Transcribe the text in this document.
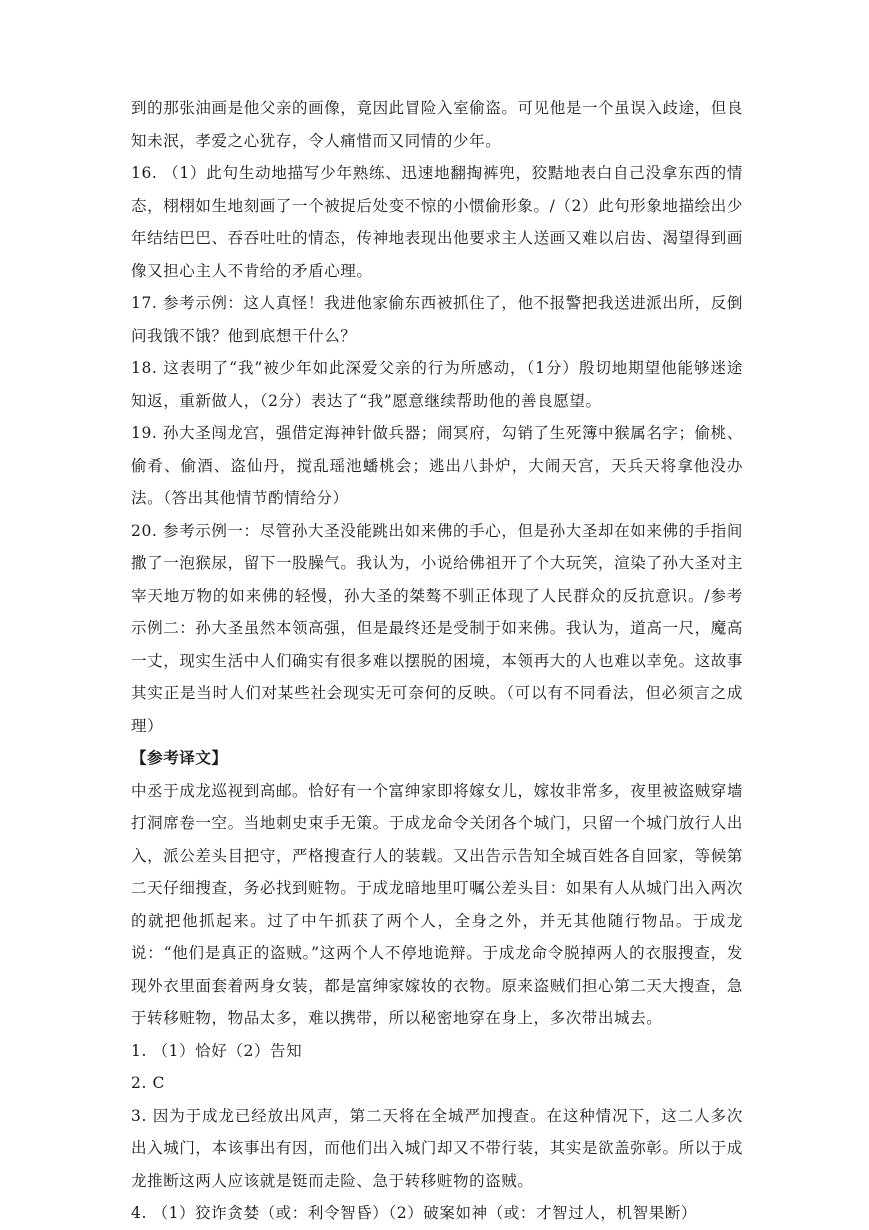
到的那张油画是他父亲的画像，竟因此冒险入室偷盗。可见他是一个虽误入歧途，但良知未泯，孝爱之心犹存，令人痛惜而又同情的少年。

16. （1）此句生动地描写少年熟练、迅速地翻掏裤兜，狡黠地表白自己没拿东西的情态，栩栩如生地刻画了一个被捉后处变不惊的小惯偷形象。/（2）此句形象地描绘出少年结结巴巴、吞吞吐吐的情态，传神地表现出他要求主人送画又难以启齿、渴望得到画像又担心主人不肯给的矛盾心理。

17. 参考示例：这人真怪！我进他家偷东西被抓住了，他不报警把我送进派出所，反倒问我饿不饿？他到底想干什么？

18. 这表明了“我”被少年如此深爱父亲的行为所感动，（1分）殷切地期望他能够迷途知返，重新做人，（2分）表达了“我”愿意继续帮助他的善良愿望。

19. 孙大圣闯龙宫，强借定海神针做兵器；闹冥府，勾销了生死簿中猴属名字；偷桃、偷肴、偷酒、盗仙丹，搅乱瑶池蟠桃会；逃出八卦炉，大闹天宫，天兵天将拿他没办法。（答出其他情节酌情给分）

20. 参考示例一：尽管孙大圣没能跳出如来佛的手心，但是孙大圣却在如来佛的手指间撒了一泡猴尿，留下一股臊气。我认为，小说给佛祖开了个大玩笑，渲染了孙大圣对主宰天地万物的如来佛的轻慢，孙大圣的桀骜不驯正体现了人民群众的反抗意识。/参考示例二：孙大圣虽然本领高强，但是最终还是受制于如来佛。我认为，道高一尺，魔高一丈，现实生活中人们确实有很多难以摆脱的困境，本领再大的人也难以幸免。这故事其实正是当时人们对某些社会现实无可奈何的反映。（可以有不同看法，但必须言之成理）

【参考译文】

中丞于成龙巡视到高邮。恰好有一个富绅家即将嫁女儿，嫁妆非常多，夜里被盗贼穿墙打洞席卷一空。当地刺史束手无策。于成龙命令关闭各个城门，只留一个城门放行人出入，派公差头目把守，严格搜查行人的装载。又出告示告知全城百姓各自回家，等候第二天仔细搜查，务必找到赃物。于成龙暗地里叮嘱公差头目：如果有人从城门出入两次的就把他抓起来。过了中午抓获了两个人，全身之外，并无其他随行物品。于成龙说：“他们是真正的盗贼。”这两个人不停地诡辩。于成龙命令脱掉两人的衣服搜查，发现外衣里面套着两身女装，都是富绅家嫁妆的衣物。原来盗贼们担心第二天大搜查，急于转移赃物，物品太多，难以携带，所以秘密地穿在身上，多次带出城去。

1. （1）恰好（2）告知

2. C

3. 因为于成龙已经放出风声，第二天将在全城严加搜查。在这种情况下，这二人多次出入城门，本该事出有因，而他们出入城门却又不带行装，其实是欲盖弥彰。所以于成龙推断这两人应该就是铤而走险、急于转移赃物的盗贼。

4. （1）狡诈贪婪（或：利令智昏）（2）破案如神（或：才智过人，机智果断）
